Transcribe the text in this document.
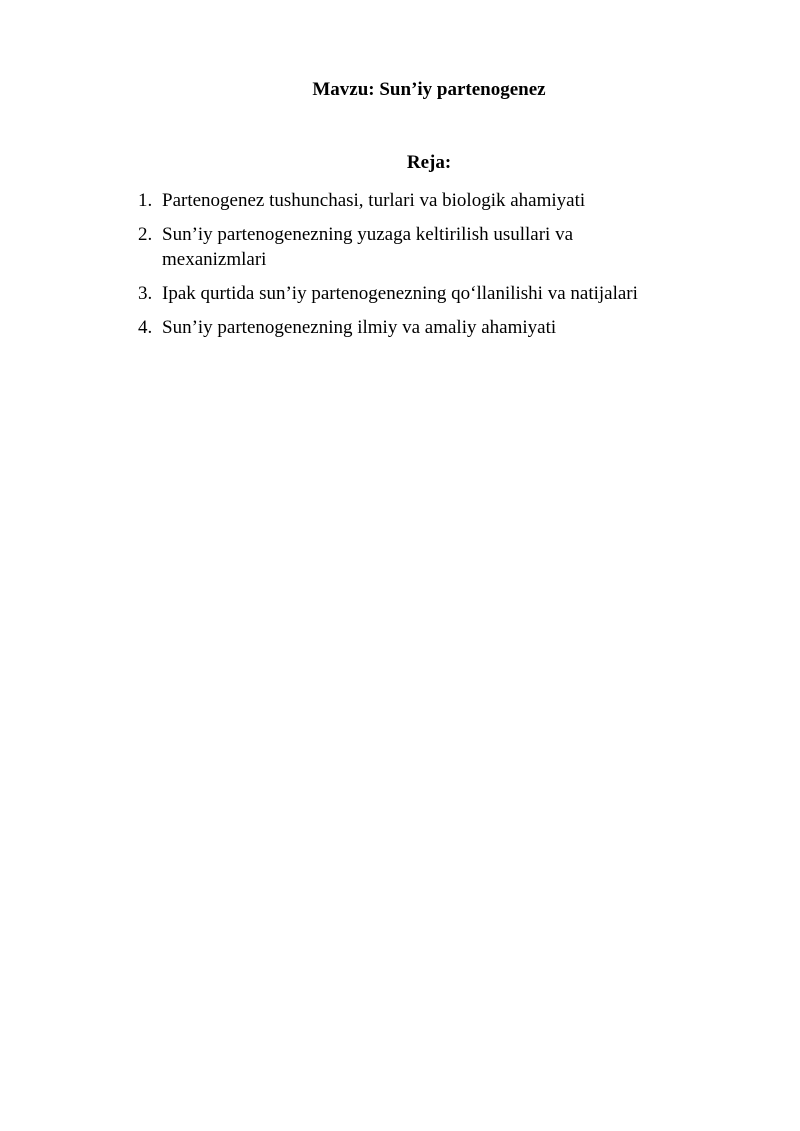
Mavzu: Sun’iy partenogenez
Reja:
1. Partenogenez tushunchasi, turlari va biologik ahamiyati
2. Sun’iy partenogenezning yuzaga keltirilish usullari va mexanizmlari
3. Ipak qurtida sun’iy partenogenezning qo‘llanilishi va natijalari
4. Sun’iy partenogenezning ilmiy va amaliy ahamiyati
